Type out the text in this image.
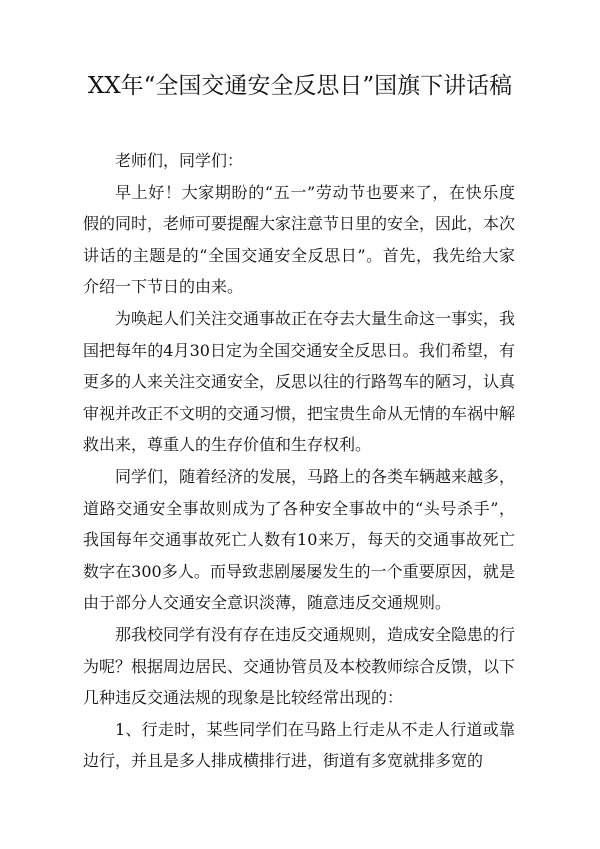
XX年“全国交通安全反思日”国旗下讲话稿

老师们，同学们：

早上好！大家期盼的“五一”劳动节也要来了，在快乐度假的同时，老师可要提醒大家注意节日里的安全，因此，本次讲话的主题是的“全国交通安全反思日”。首先，我先给大家介绍一下节日的由来。

为唤起人们关注交通事故正在夺去大量生命这一事实，我国把每年的4月30日定为全国交通安全反思日。我们希望，有更多的人来关注交通安全，反思以往的行路驾车的陋习，认真审视并改正不文明的交通习惯，把宝贵生命从无情的车祸中解救出来，尊重人的生存价值和生存权利。

同学们，随着经济的发展，马路上的各类车辆越来越多，道路交通安全事故则成为了各种安全事故中的“头号杀手”，我国每年交通事故死亡人数有10来万，每天的交通事故死亡数字在300多人。而导致悲剧屡屡发生的一个重要原因，就是由于部分人交通安全意识淡薄，随意违反交通规则。

那我校同学有没有存在违反交通规则，造成安全隐患的行为呢？根据周边居民、交通协管员及本校教师综合反馈，以下几种违反交通法规的现象是比较经常出现的：

1、行走时，某些同学们在马路上行走从不走人行道或靠边行，并且是多人排成横排行进，街道有多宽就排多宽的
